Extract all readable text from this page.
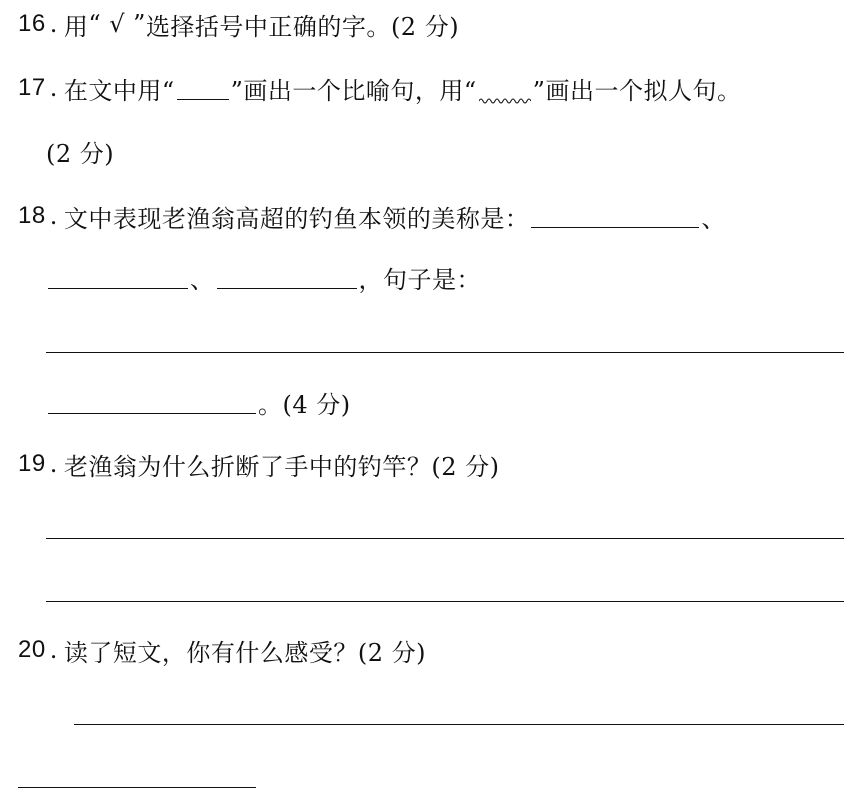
16 . 用 “ √ ” 选择括号中正确的字。 (2 分)
17 . 在文中用“ ”画出一个比喻句，用“ ”画出一个拟人句。
(2 分)
18 . 文中表现老渔翁高超的钓鱼本领的美称是：	、
、	，句子是：
。 (4 分)
19 . 老渔翁为什么折断了手中的钓竿？ (2 分)
20 . 读了短文，你有什么感受？ (2 分)
